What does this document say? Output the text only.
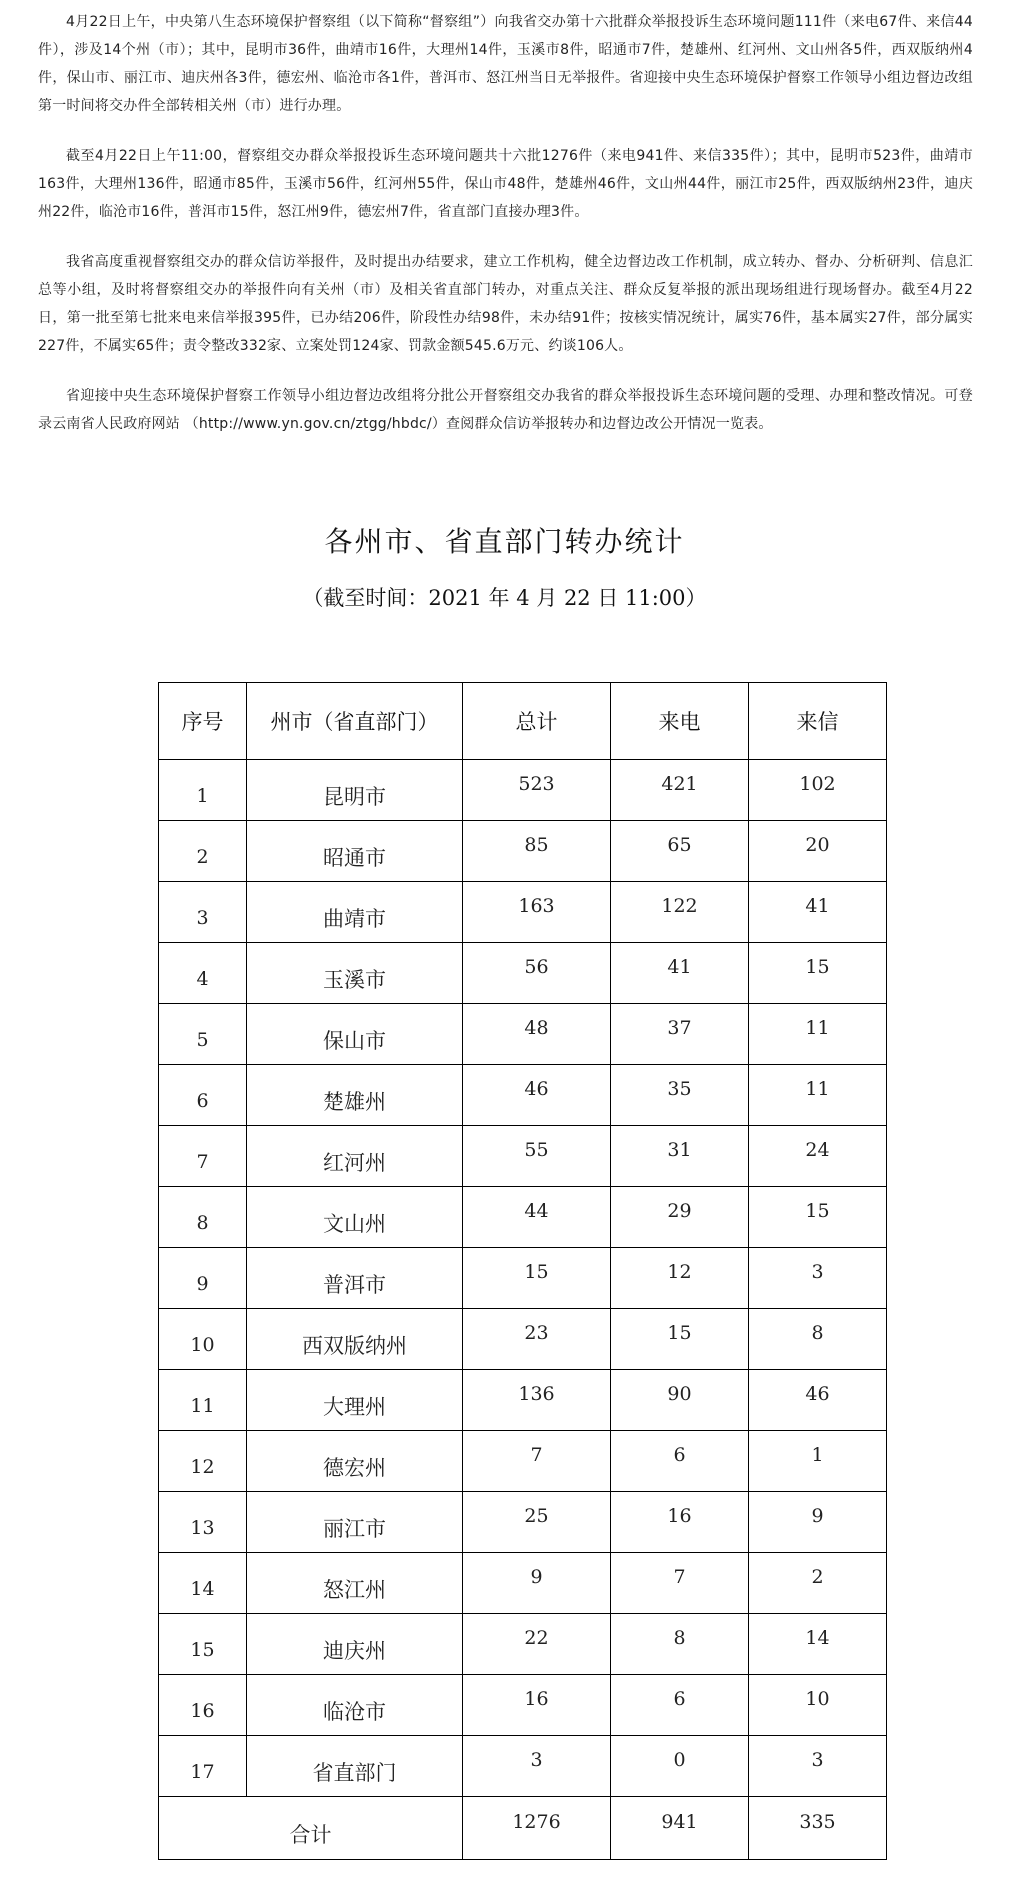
4月22日上午，中央第八生态环境保护督察组（以下简称“督察组”）向我省交办第十六批群众举报投诉生态环境问题111件（来电67件、来信44件），涉及14个州（市）；其中，昆明市36件，曲靖市16件，大理州14件，玉溪市8件，昭通市7件，楚雄州、红河州、文山州各5件，西双版纳州4件，保山市、丽江市、迪庆州各3件，德宏州、临沧市各1件，普洱市、怒江州当日无举报件。省迎接中央生态环境保护督察工作领导小组边督边改组第一时间将交办件全部转相关州（市）进行办理。

截至4月22日上午11:00，督察组交办群众举报投诉生态环境问题共十六批1276件（来电941件、来信335件）；其中，昆明市523件，曲靖市163件，大理州136件，昭通市85件，玉溪市56件，红河州55件，保山市48件，楚雄州46件，文山州44件，丽江市25件，西双版纳州23件，迪庆州22件，临沧市16件，普洱市15件，怒江州9件，德宏州7件，省直部门直接办理3件。

我省高度重视督察组交办的群众信访举报件，及时提出办结要求，建立工作机构，健全边督边改工作机制，成立转办、督办、分析研判、信息汇总等小组，及时将督察组交办的举报件向有关州（市）及相关省直部门转办，对重点关注、群众反复举报的派出现场组进行现场督办。截至4月22日，第一批至第七批来电来信举报395件，已办结206件，阶段性办结98件，未办结91件；按核实情况统计，属实76件，基本属实27件，部分属实227件，不属实65件；责令整改332家、立案处罚124家、罚款金额545.6万元、约谈106人。

省迎接中央生态环境保护督察工作领导小组边督边改组将分批公开督察组交办我省的群众举报投诉生态环境问题的受理、办理和整改情况。可登录云南省人民政府网站 （http://www.yn.gov.cn/ztgg/hbdc/）查阅群众信访举报转办和边督边改公开情况一览表。

各州市、省直部门转办统计
（截至时间：2021 年 4 月 22 日 11:00）
序号	州市（省直部门）	总计	来电	来信
1	昆明市	523	421	102
2	昭通市	85	65	20
3	曲靖市	163	122	41
4	玉溪市	56	41	15
5	保山市	48	37	11
6	楚雄州	46	35	11
7	红河州	55	31	24
8	文山州	44	29	15
9	普洱市	15	12	3
10	西双版纳州	23	15	8
11	大理州	136	90	46
12	德宏州	7	6	1
13	丽江市	25	16	9
14	怒江州	9	7	2
15	迪庆州	22	8	14
16	临沧市	16	6	10
17	省直部门	3	0	3
合计		1276	941	335
